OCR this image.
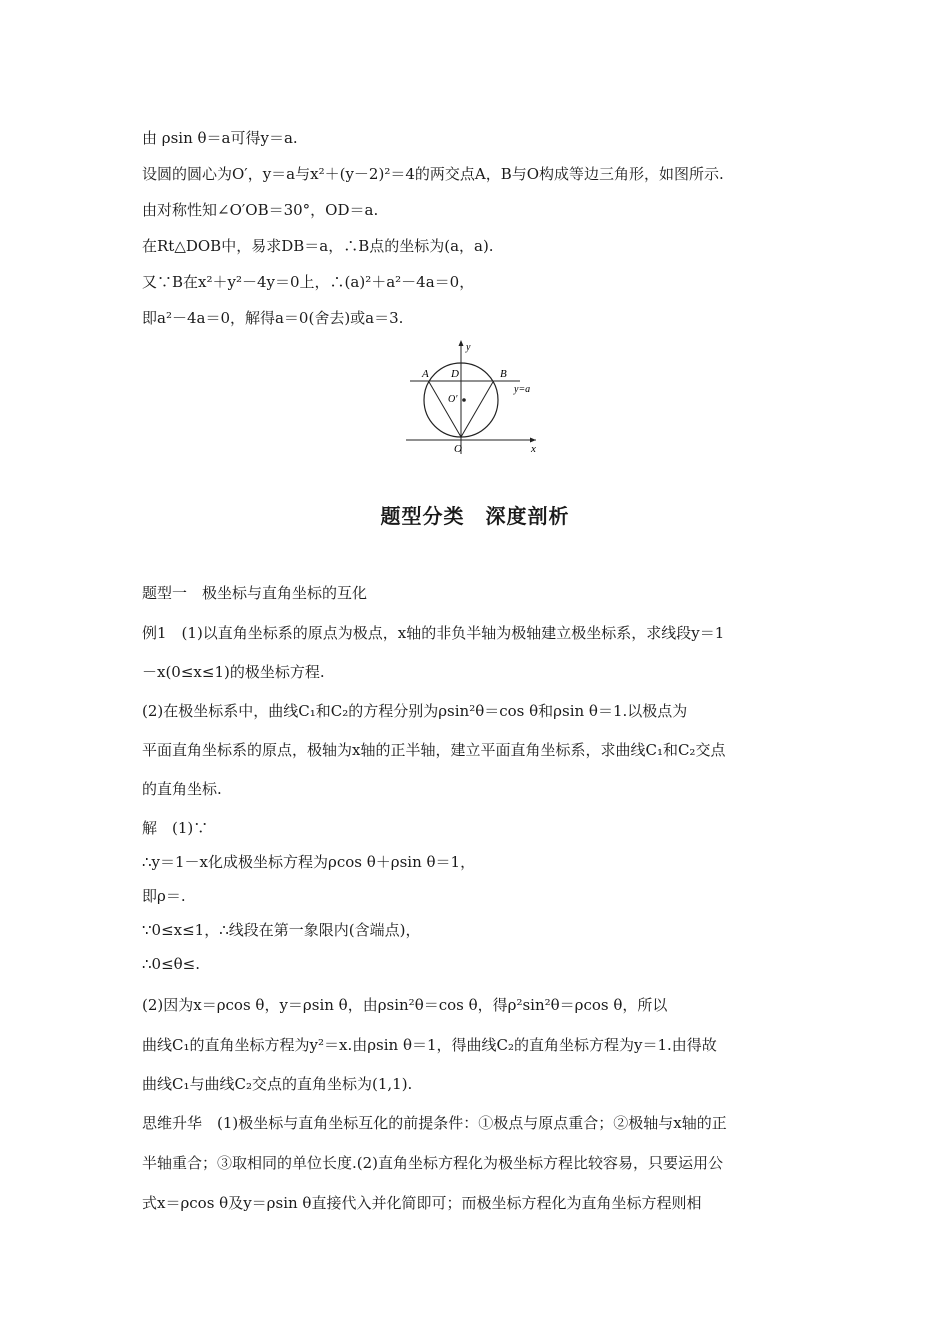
由 ρsin θ＝a可得y＝a.
设圆的圆心为O′，y＝a与x²＋(y－2)²＝4的两交点A，B与O构成等边三角形，如图所示.
由对称性知∠O′OB＝30°，OD＝a.
在Rt△DOB中，易求DB＝a，∴B点的坐标为(a，a).
又∵B在x²＋y²－4y＝0上，∴(a)²＋a²－4a＝0，
即a²－4a＝0，解得a＝0(舍去)或a＝3.
A D	B
y=a
O′
O	x
y
题型分类　深度剖析
题型一　极坐标与直角坐标的互化
例1　(1)以直角坐标系的原点为极点，x轴的非负半轴为极轴建立极坐标系，求线段y＝1
－x(0≤x≤1)的极坐标方程.
(2)在极坐标系中，曲线C₁和C₂的方程分别为ρsin²θ＝cos θ和ρsin θ＝1.以极点为
平面直角坐标系的原点，极轴为x轴的正半轴，建立平面直角坐标系，求曲线C₁和C₂交点
的直角坐标.
解　(1)∵
∴y＝1－x化成极坐标方程为ρcos θ＋ρsin θ＝1，
即ρ＝.
∵0≤x≤1，∴线段在第一象限内(含端点)，
∴0≤θ≤.
(2)因为x＝ρcos θ，y＝ρsin θ，由ρsin²θ＝cos θ，得ρ²sin²θ＝ρcos θ，所以
曲线C₁的直角坐标方程为y²＝x.由ρsin θ＝1，得曲线C₂的直角坐标方程为y＝1.由得故
曲线C₁与曲线C₂交点的直角坐标为(1,1).
思维升华　(1)极坐标与直角坐标互化的前提条件：①极点与原点重合；②极轴与x轴的正
半轴重合；③取相同的单位长度.(2)直角坐标方程化为极坐标方程比较容易，只要运用公
式x＝ρcos θ及y＝ρsin θ直接代入并化简即可；而极坐标方程化为直角坐标方程则相
